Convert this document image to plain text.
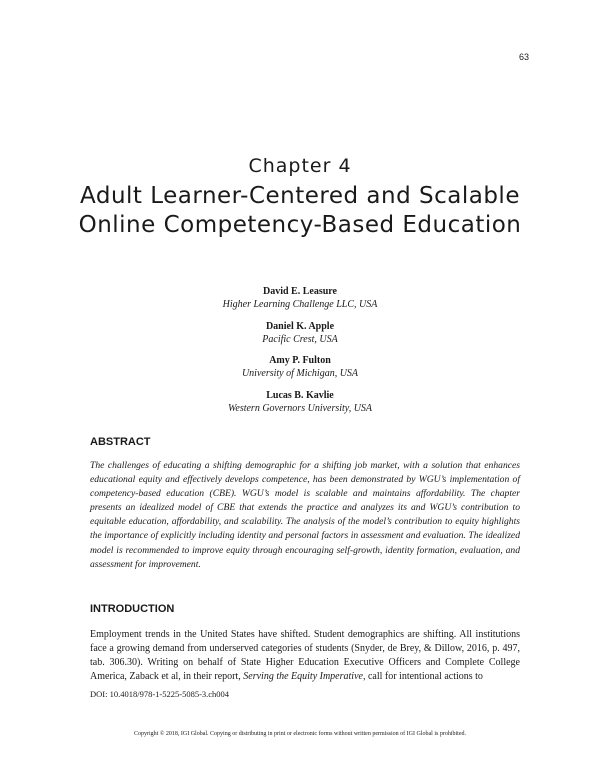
63
Chapter 4
Adult Learner-Centered and Scalable Online Competency-Based Education
David E. Leasure
Higher Learning Challenge LLC, USA
Daniel K. Apple
Pacific Crest, USA
Amy P. Fulton
University of Michigan, USA
Lucas B. Kavlie
Western Governors University, USA
ABSTRACT
The challenges of educating a shifting demographic for a shifting job market, with a solution that enhances educational equity and effectively develops competence, has been demonstrated by WGU’s implementation of competency-based education (CBE). WGU’s model is scalable and maintains affordability. The chapter presents an idealized model of CBE that extends the practice and analyzes its and WGU’s contribution to equitable education, affordability, and scalability. The analysis of the model’s contribution to equity highlights the importance of explicitly including identity and personal factors in assessment and evaluation. The idealized model is recommended to improve equity through encouraging self-growth, identity formation, evaluation, and assessment for improvement.
INTRODUCTION
Employment trends in the United States have shifted. Student demographics are shifting. All institutions face a growing demand from underserved categories of students (Snyder, de Brey, & Dillow, 2016, p. 497, tab. 306.30). Writing on behalf of State Higher Education Executive Officers and Complete College America, Zaback et al, in their report, Serving the Equity Imperative, call for intentional actions to
DOI: 10.4018/978-1-5225-5085-3.ch004
Copyright © 2018, IGI Global. Copying or distributing in print or electronic forms without written permission of IGI Global is prohibited.
